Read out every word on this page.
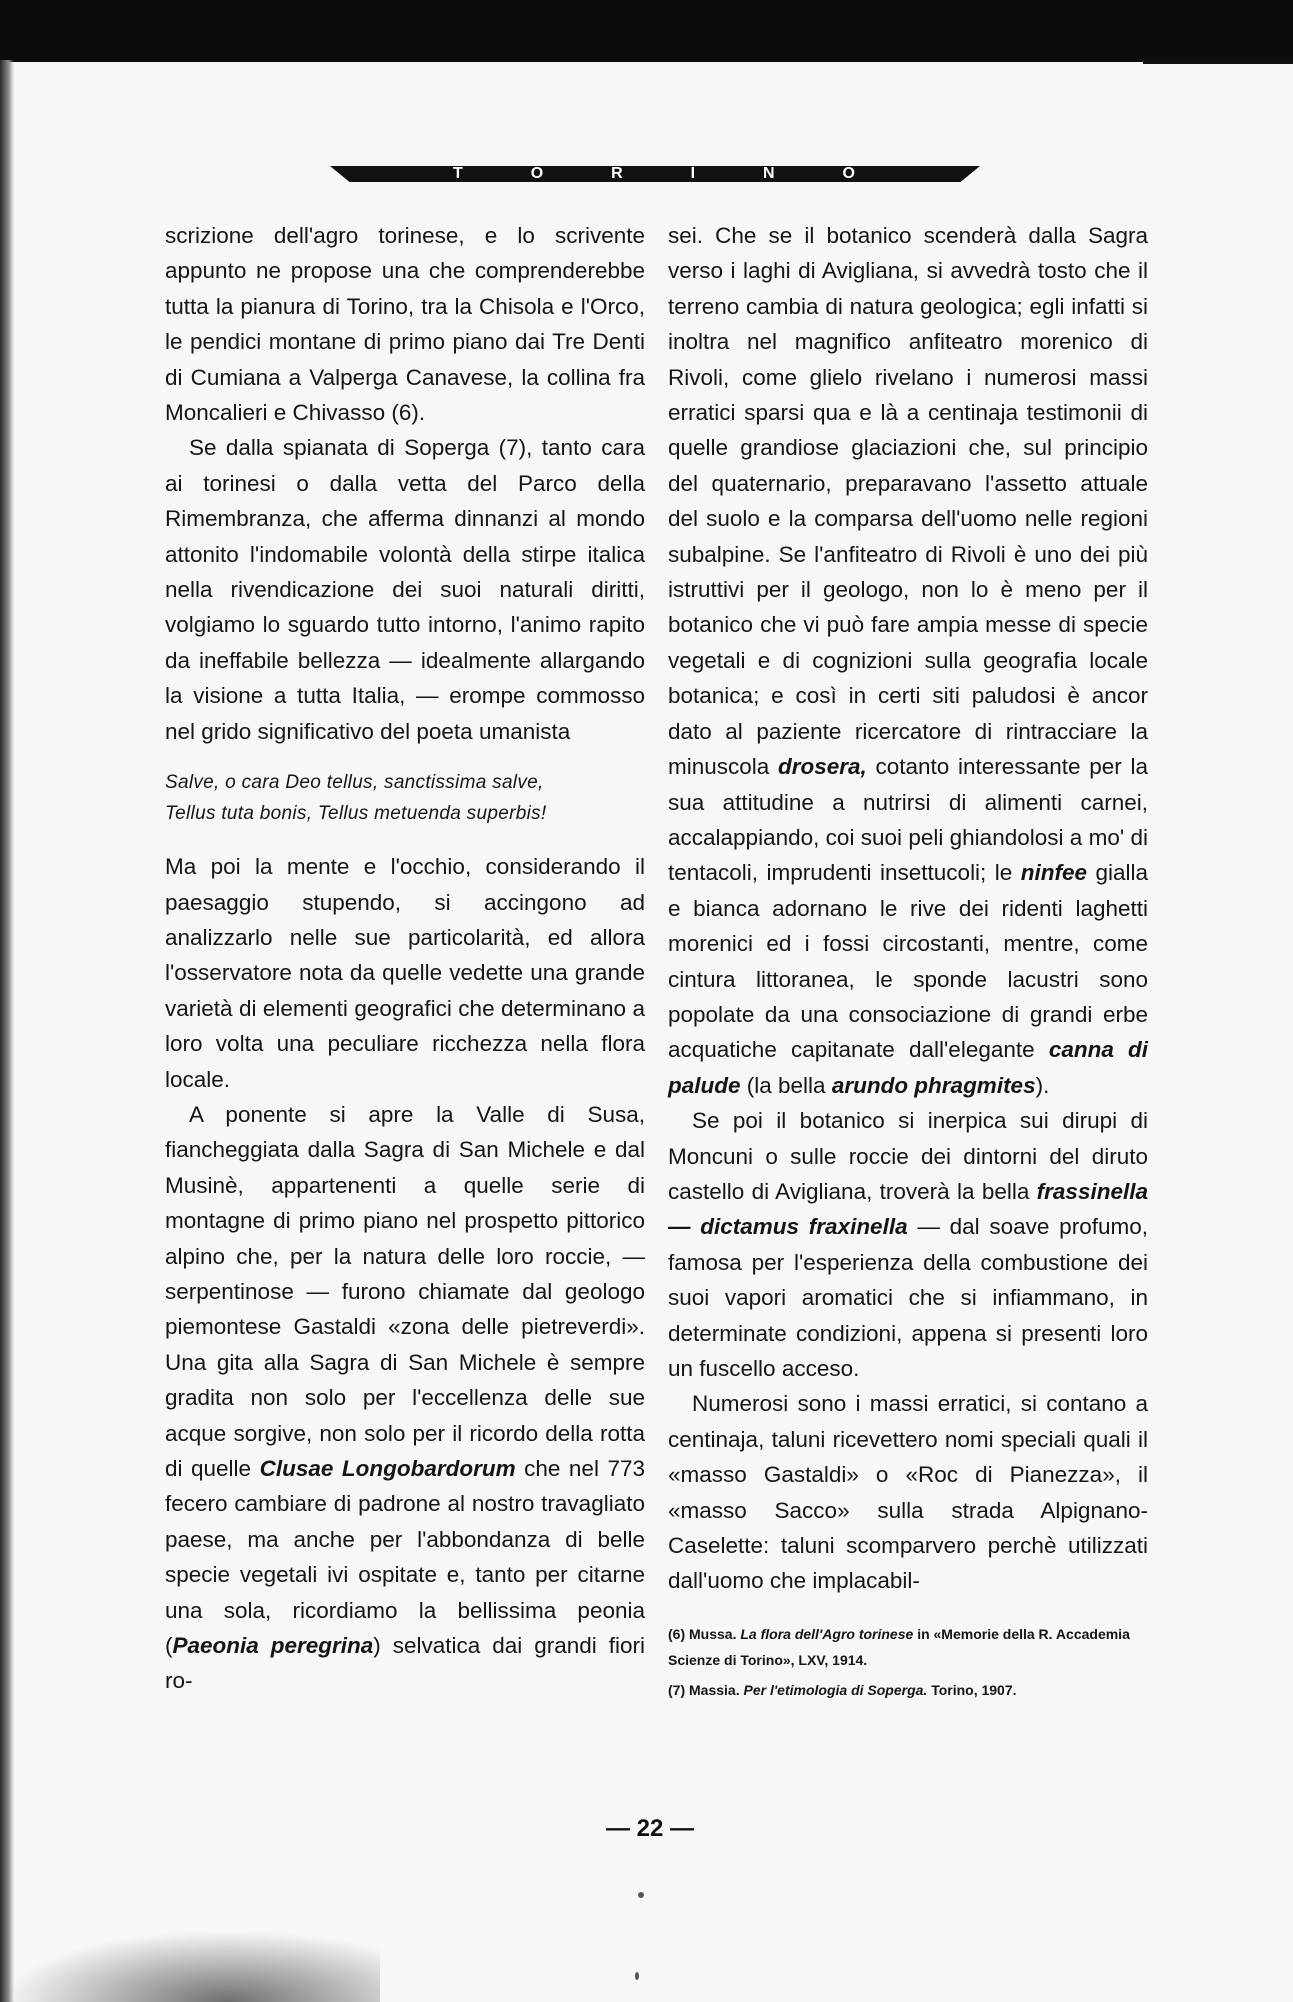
T	O	R	I	N	O

scrizione dell'agro torinese, e lo scrivente appunto ne propose una che comprenderebbe tutta la pianura di Torino, tra la Chisola e l'Orco, le pendici montane di primo piano dai Tre Denti di Cumiana a Valperga Canavese, la collina fra Moncalieri e Chivasso (6).

Se dalla spianata di Soperga (7), tanto cara ai torinesi o dalla vetta del Parco della Rimembranza, che afferma dinnanzi al mondo attonito l'indomabile volontà della stirpe italica nella rivendicazione dei suoi naturali diritti, volgiamo lo sguardo tutto intorno, l'animo rapito da ineffabile bellezza — idealmente allargando la visione a tutta Italia, — erompe commosso nel grido significativo del poeta umanista

Salve, o cara Deo tellus, sanctissima salve,
Tellus tuta bonis, Tellus metuenda superbis!

Ma poi la mente e l'occhio, considerando il paesaggio stupendo, si accingono ad analizzarlo nelle sue particolarità, ed allora l'osservatore nota da quelle vedette una grande varietà di elementi geografici che determinano a loro volta una peculiare ricchezza nella flora locale.

A ponente si apre la Valle di Susa, fiancheggiata dalla Sagra di San Michele e dal Musinè, appartenenti a quelle serie di montagne di primo piano nel prospetto pittorico alpino che, per la natura delle loro roccie, — serpentinose — furono chiamate dal geologo piemontese Gastaldi «zona delle pietreverdi». Una gita alla Sagra di San Michele è sempre gradita non solo per l'eccellenza delle sue acque sorgive, non solo per il ricordo della rotta di quelle Clusae Longobardorum che nel 773 fecero cambiare di padrone al nostro travagliato paese, ma anche per l'abbondanza di belle specie vegetali ivi ospitate e, tanto per citarne una sola, ricordiamo la bellissima peonia (Paeonia peregrina) selvatica dai grandi fiori ro-

sei. Che se il botanico scenderà dalla Sagra verso i laghi di Avigliana, si avvedrà tosto che il terreno cambia di natura geologica; egli infatti si inoltra nel magnifico anfiteatro morenico di Rivoli, come glielo rivelano i numerosi massi erratici sparsi qua e là a centinaja testimonii di quelle grandiose glaciazioni che, sul principio del quaternario, preparavano l'assetto attuale del suolo e la comparsa dell'uomo nelle regioni subalpine. Se l'anfiteatro di Rivoli è uno dei più istruttivi per il geologo, non lo è meno per il botanico che vi può fare ampia messe di specie vegetali e di cognizioni sulla geografia locale botanica; e così in certi siti paludosi è ancor dato al paziente ricercatore di rintracciare la minuscola drosera, cotanto interessante per la sua attitudine a nutrirsi di alimenti carnei, accalappiando, coi suoi peli ghiandolosi a mo' di tentacoli, imprudenti insettucoli; le ninfee gialla e bianca adornano le rive dei ridenti laghetti morenici ed i fossi circostanti, mentre, come cintura littoranea, le sponde lacustri sono popolate da una consociazione di grandi erbe acquatiche capitanate dall'elegante canna di palude (la bella arundo phragmites).

Se poi il botanico si inerpica sui dirupi di Moncuni o sulle roccie dei dintorni del diruto castello di Avigliana, troverà la bella frassinella — dictamus fraxinella — dal soave profumo, famosa per l'esperienza della combustione dei suoi vapori aromatici che si infiammano, in determinate condizioni, appena si presenti loro un fuscello acceso.

Numerosi sono i massi erratici, si contano a centinaja, taluni ricevettero nomi speciali quali il «masso Gastaldi» o «Roc di Pianezza», il «masso Sacco» sulla strada Alpignano-Caselette: taluni scomparvero perchè utilizzati dall'uomo che implacabil-

(6) Mussa. La flora dell'Agro torinese in «Memorie della R. Accademia Scienze di Torino», LXV, 1914.

(7) Massia. Per l'etimologia di Soperga. Torino, 1907.

— 22 —
